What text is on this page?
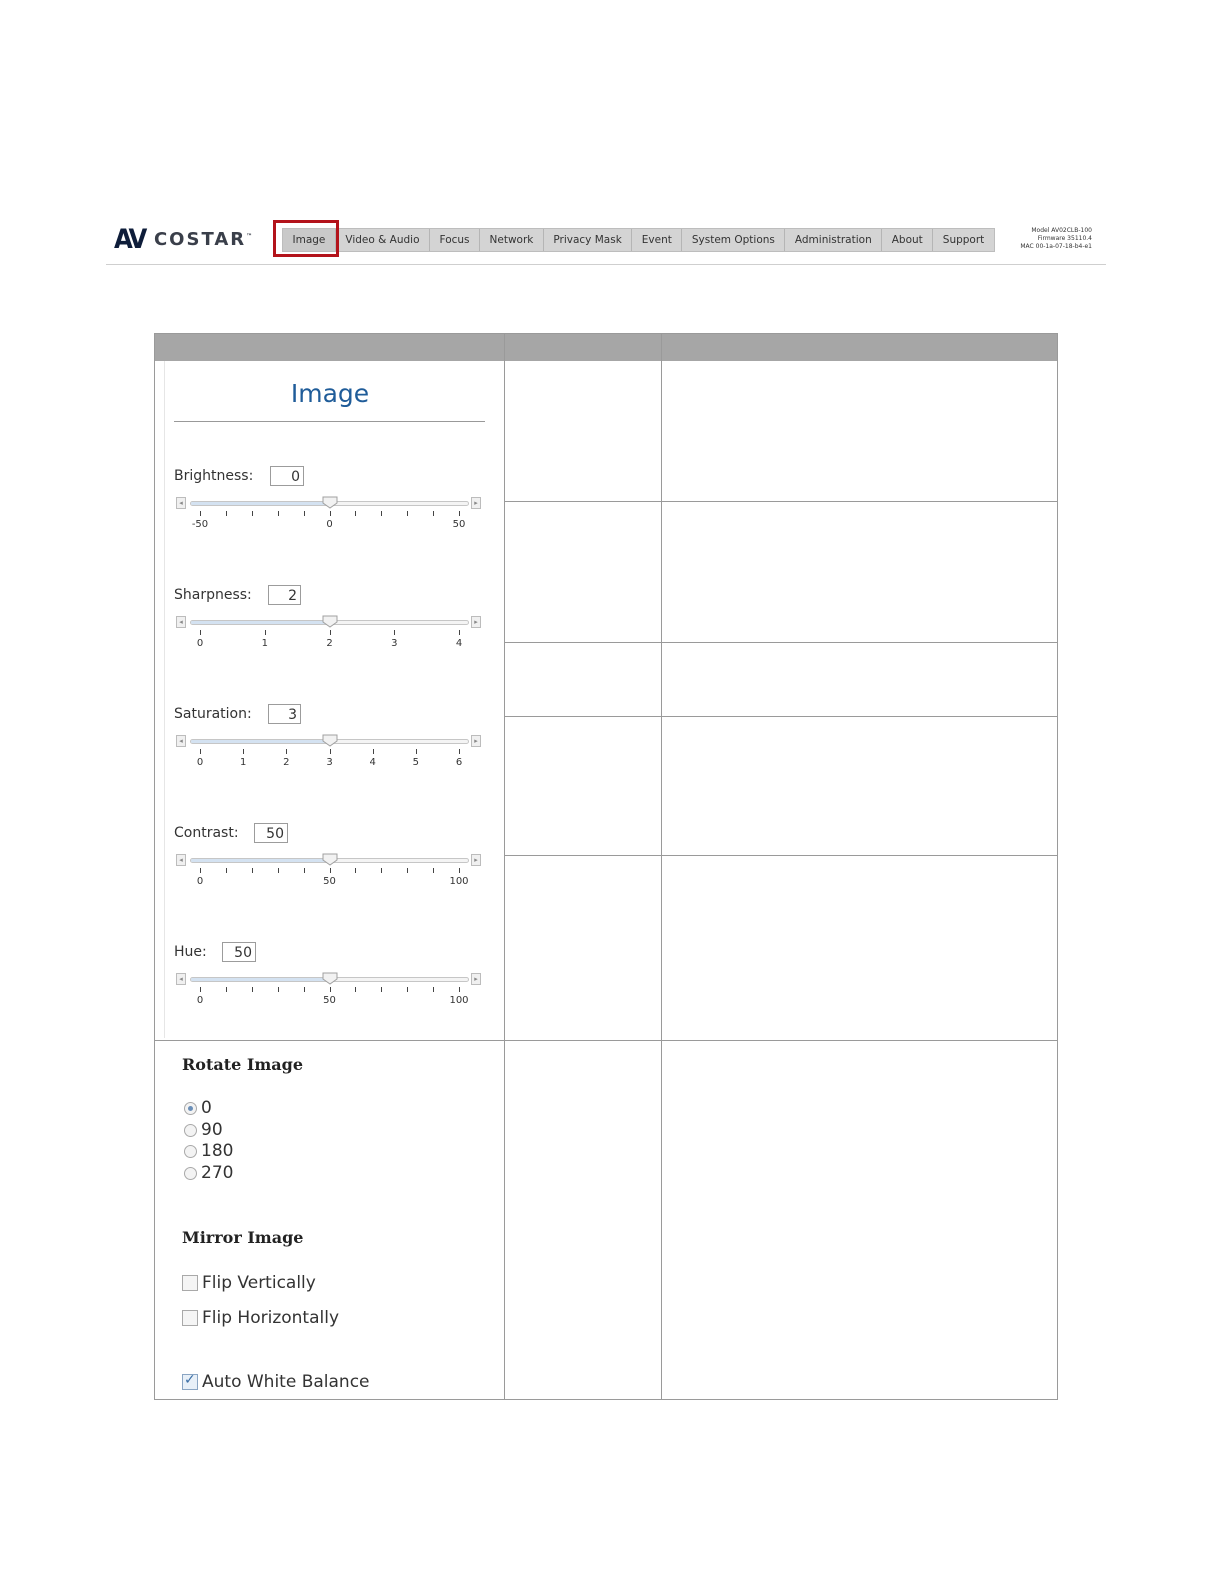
AV COSTAR™	Image	Video & Audio	Focus	Network	Privacy Mask	Event	System Options	Administration	About	Support
Model AV02CLB-100
Firmware 35110.4
MAC 00-1a-07-18-b4-e1
Image
Brightness:	0
◂	▸
-50	0	50
Sharpness:	2
◂	▸
0	1	2	3	4
Saturation:	3
◂	▸
0	1	2	3	4	5	6
Contrast:	50
◂	▸
0	50	100
Hue:	50
◂	▸
0	50	100
Rotate Image
0
90
180
270
Mirror Image
Flip Vertically
Flip Horizontally
✓
Auto White Balance
